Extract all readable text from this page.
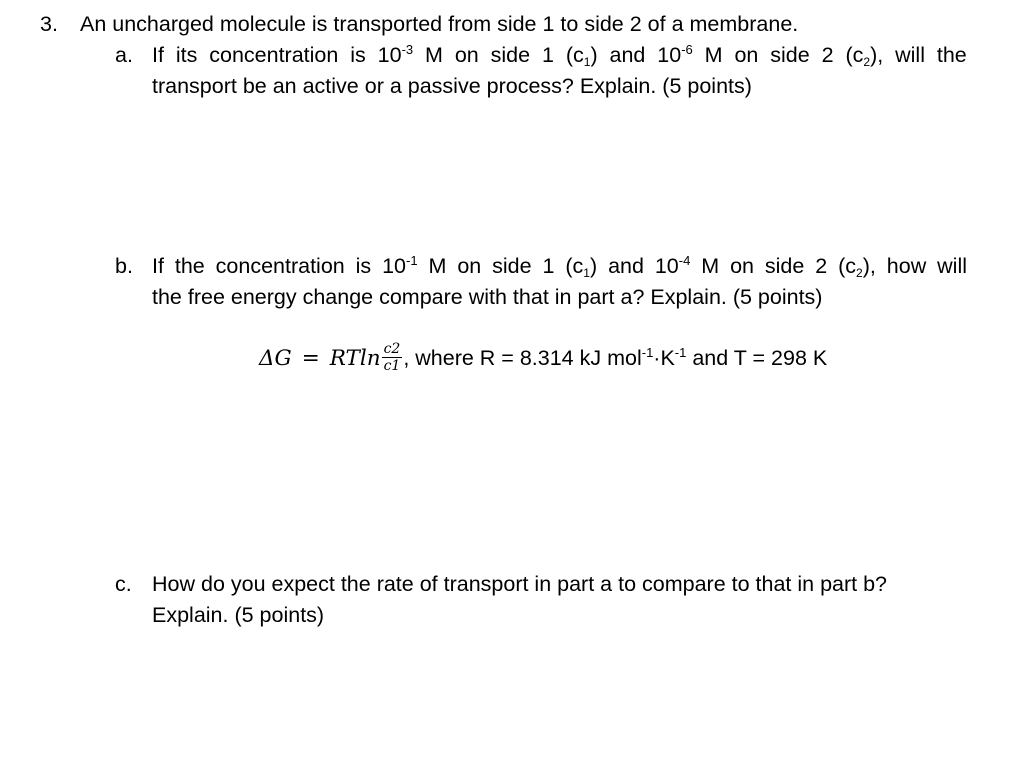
3. An uncharged molecule is transported from side 1 to side 2 of a membrane.
a. If its concentration is $10^{-3}$ M on side 1 $(c_1)$ and $10^{-6}$ M on side 2 $(c_2)$, will the
transport be an active or a passive process? Explain. (5 points)
b. If the concentration is $10^{-1}$ M on side 1 $(c_1)$ and $10^{-4}$ M on side 2 $(c_2)$, how will
the free energy change compare with that in part a? Explain. (5 points)
ΔG = RTln $\frac{c2}{c1}$ , where R = 8.314 kJ $mol^{-1}\cdot K^{-1}$ and T = 298 K
c. How do you expect the rate of transport in part a to compare to that in part b?
Explain. (5 points)
